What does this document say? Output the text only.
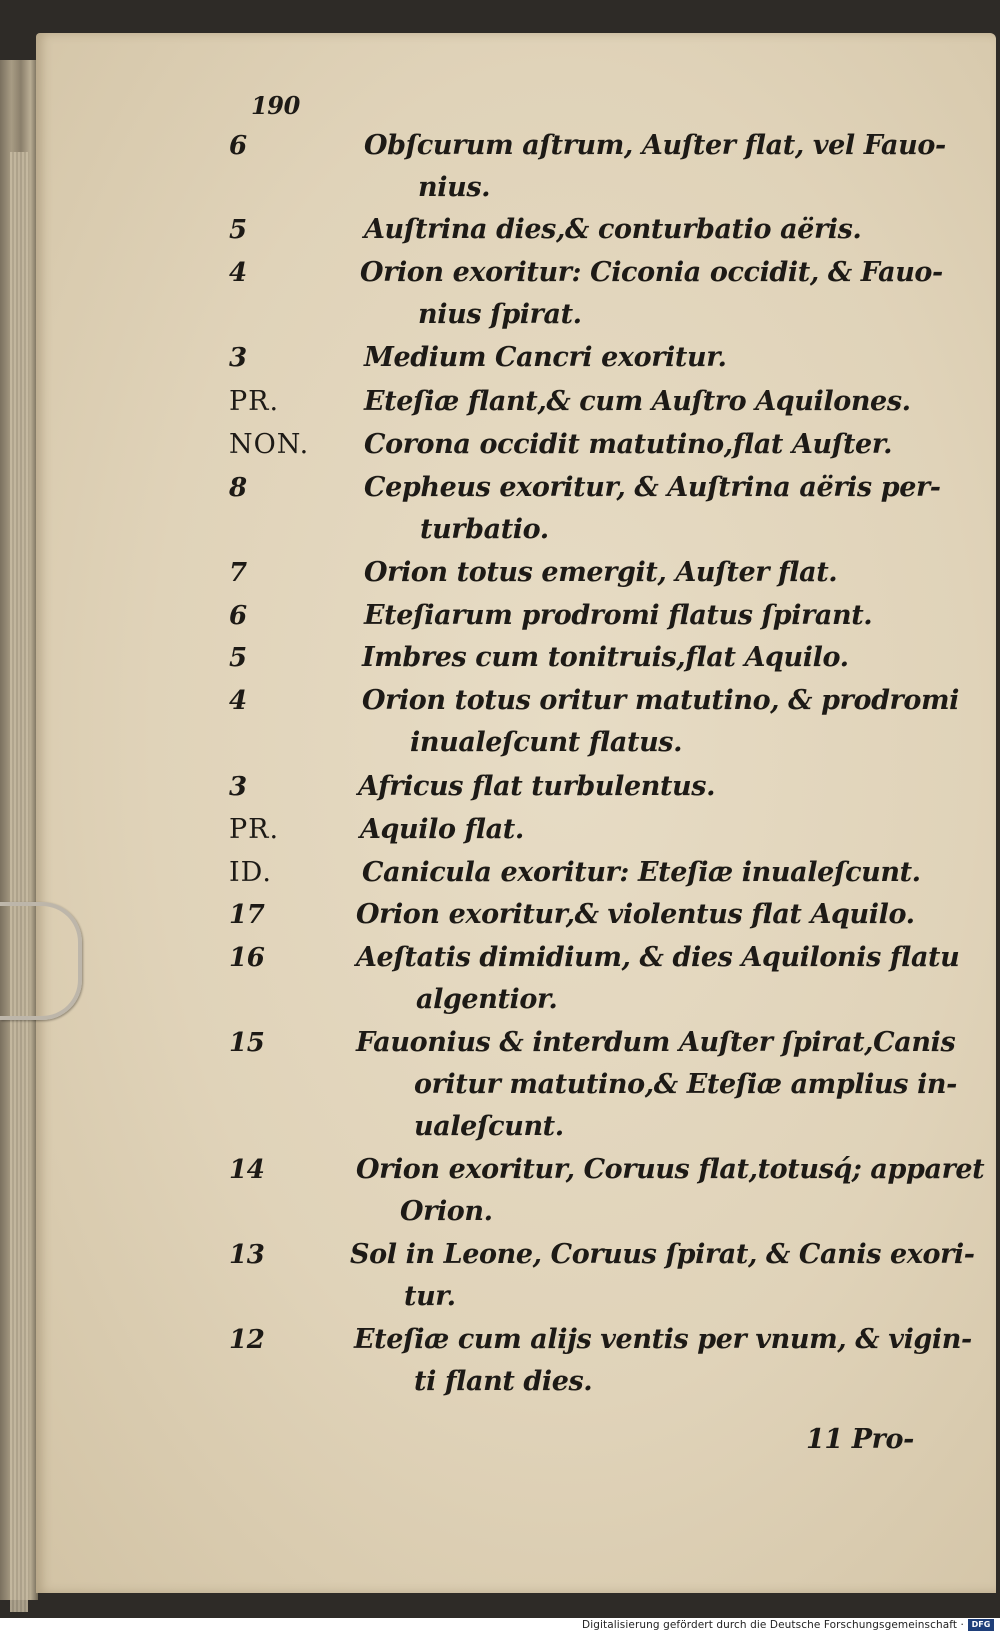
190
6	Obſcurum aſtrum, Auſter flat, vel Fauo-
nius.
5	Auſtrina dies,& conturbatio aëris.
4	Orion exoritur: Ciconia occidit, & Fauo-
nius ſpirat.
3	Medium Cancri exoritur.
PR.	Eteſiæ flant,& cum Auſtro Aquilones.
NON. Corona occidit matutino,flat Auſter.
8	Cepheus exoritur, & Auſtrina aëris per-
turbatio.
7	Orion totus emergit, Auſter flat.
6	Eteſiarum prodromi flatus ſpirant.
5	Imbres cum tonitruis,flat Aquilo.
4	Orion totus oritur matutino, & prodromi
inualeſcunt flatus.
3	Africus flat turbulentus.
PR.	Aquilo flat.
ID.	Canicula exoritur: Eteſiæ inualeſcunt.
17	Orion exoritur,& violentus flat Aquilo.
16	Aeſtatis dimidium, & dies Aquilonis flatu
algentior.
15	Fauonius & interdum Auſter ſpirat,Canis
oritur matutino,& Eteſiæ amplius in-
ualeſcunt.
14	Orion exoritur, Coruus flat,totusq́; apparet
Orion.
13	Sol in Leone, Coruus ſpirat, & Canis exori-
tur.
12	Eteſiæ cum alijs ventis per vnum, & vigin-
ti flant dies.
11 Pro-
Digitalisierung gefördert durch die Deutsche Forschungsgemeinschaft · DFG
